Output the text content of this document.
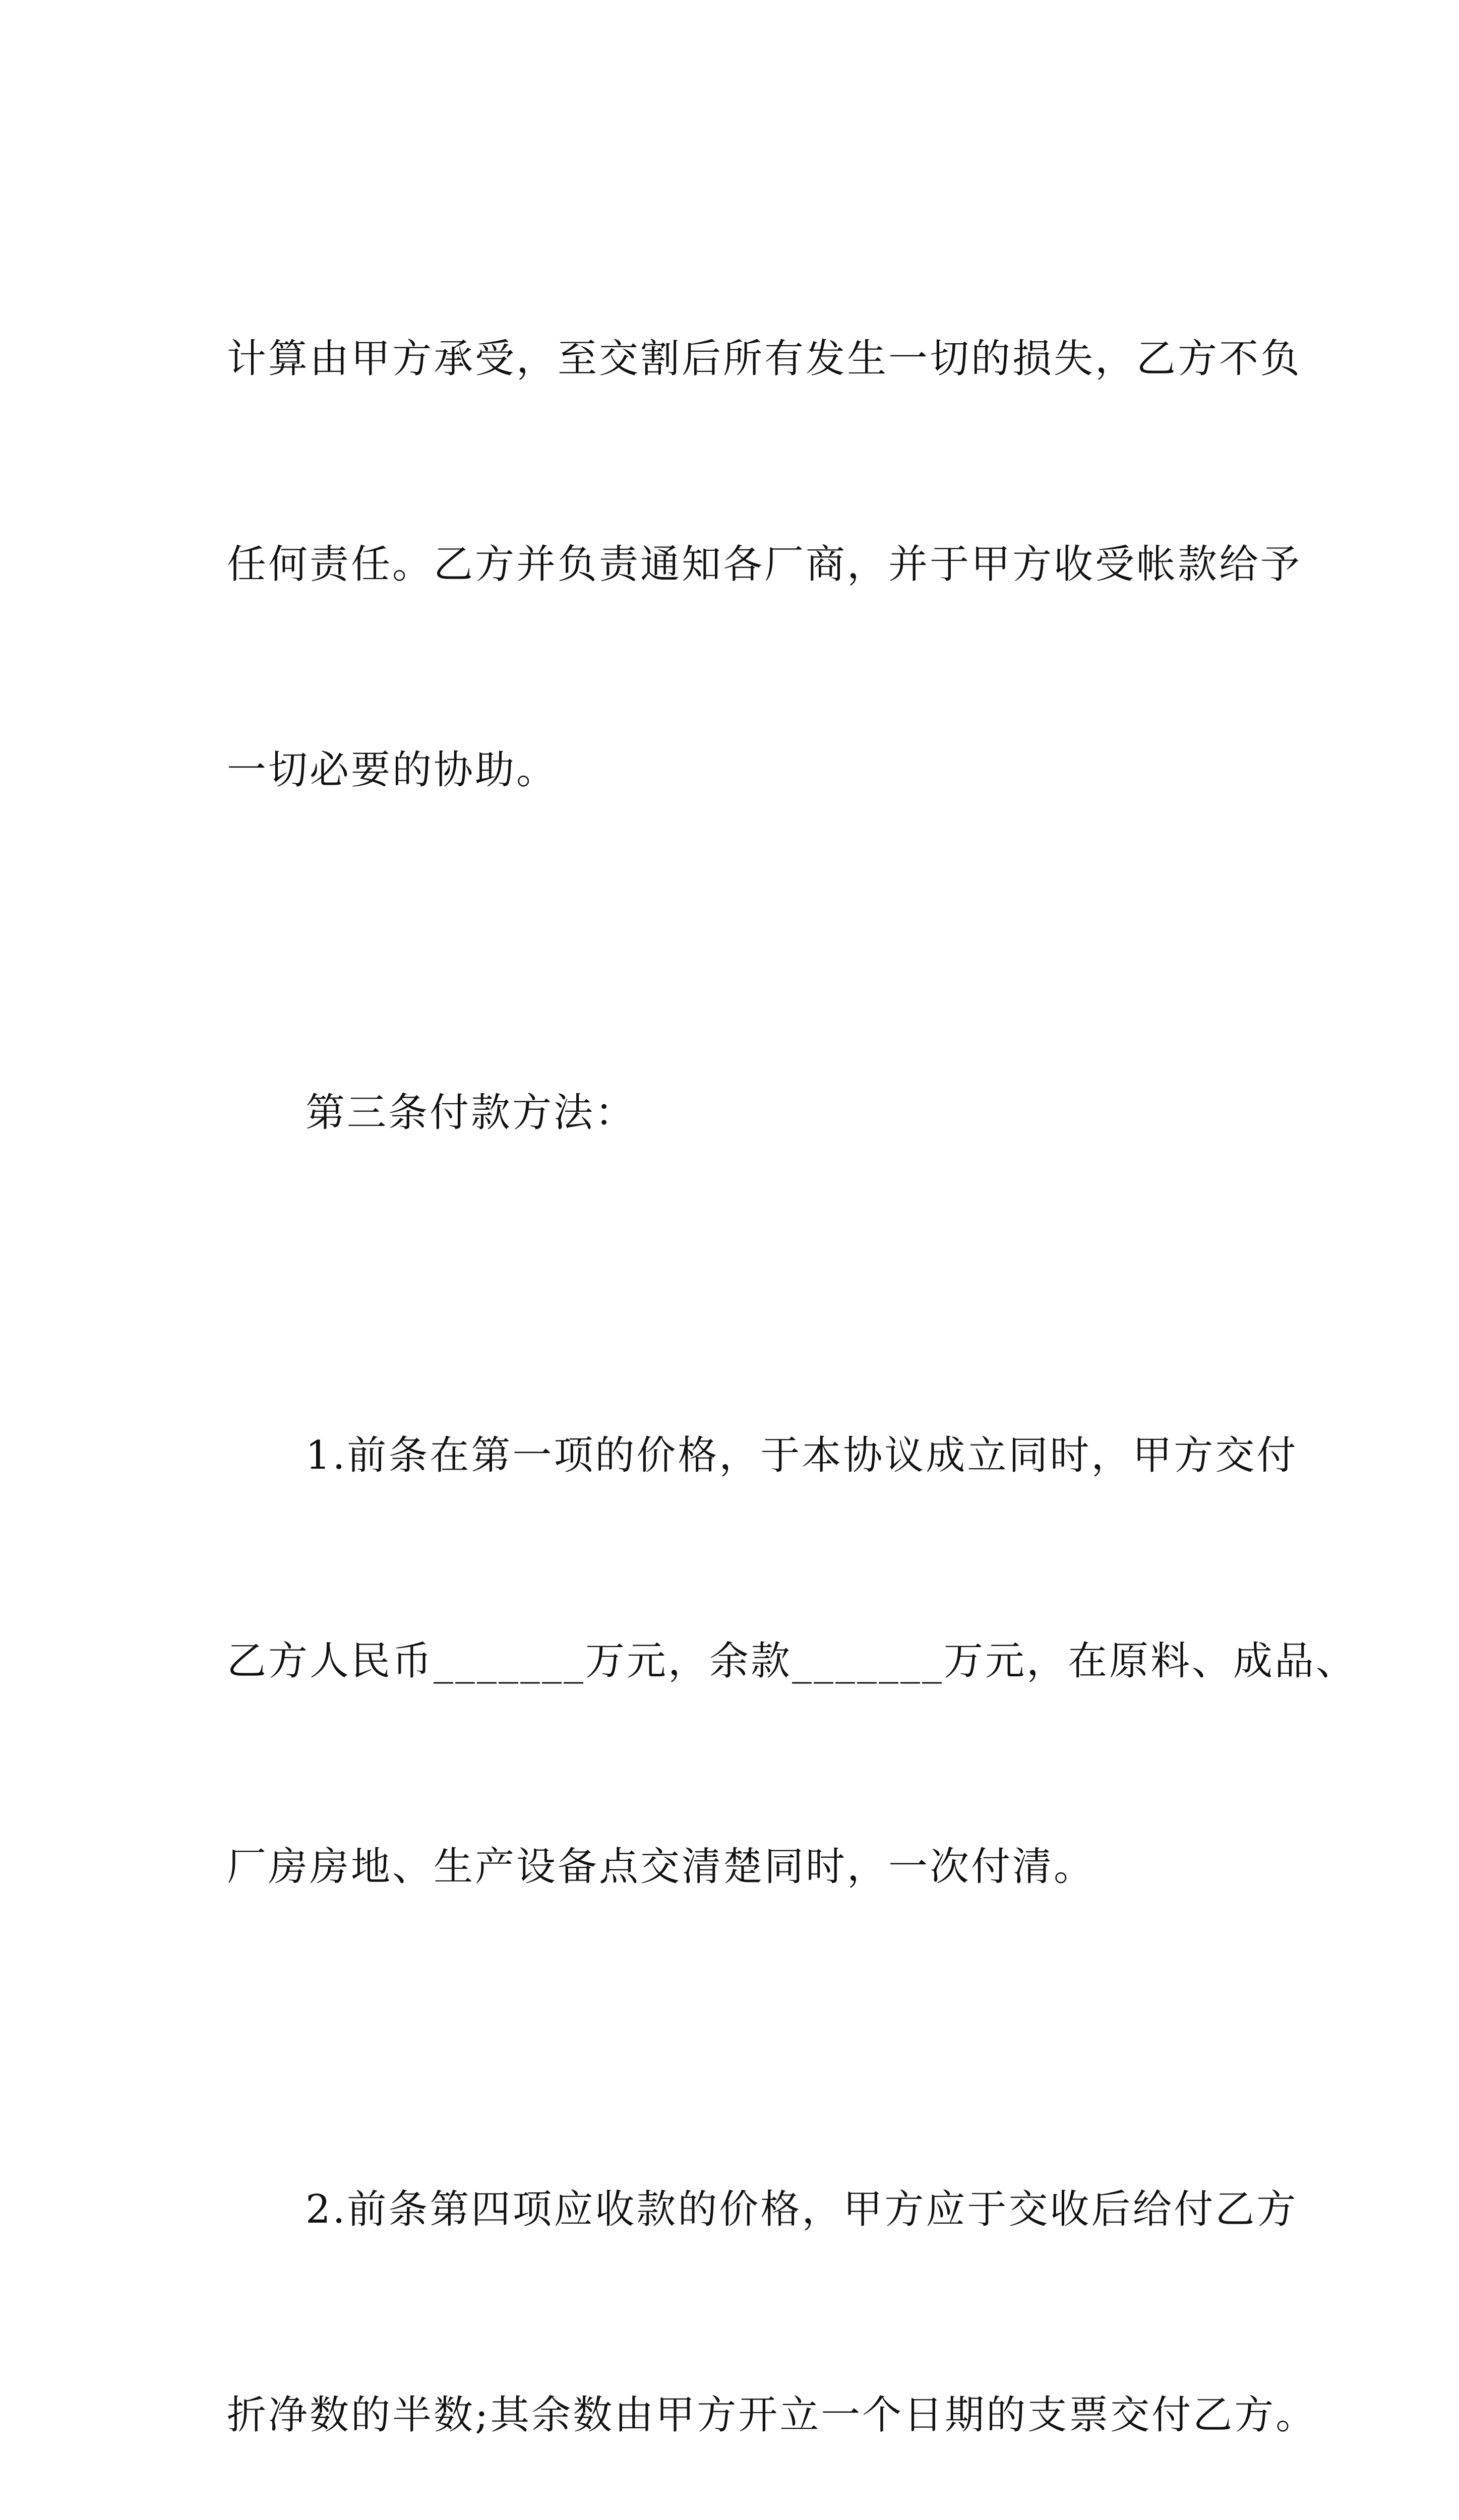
计算由甲方承受，至交割后所有发生一切的损失，乙方不负

任何责任。乙方并负责通知各厂商，并于甲方收受帐款给予

一切必要的协助。

第三条付款方法：

1.前条在第一项的价格，于本协议成立同时，甲方交付

乙方人民币_______万元，余款_______万元，在原料、成品、

厂房房地、生产设备点交清楚同时，一次付清。

2.前条第四项应收款的价格，甲方应于交收后给付乙方

折净数的半数;其余数由甲方开立一个日期的支票交付乙方。
